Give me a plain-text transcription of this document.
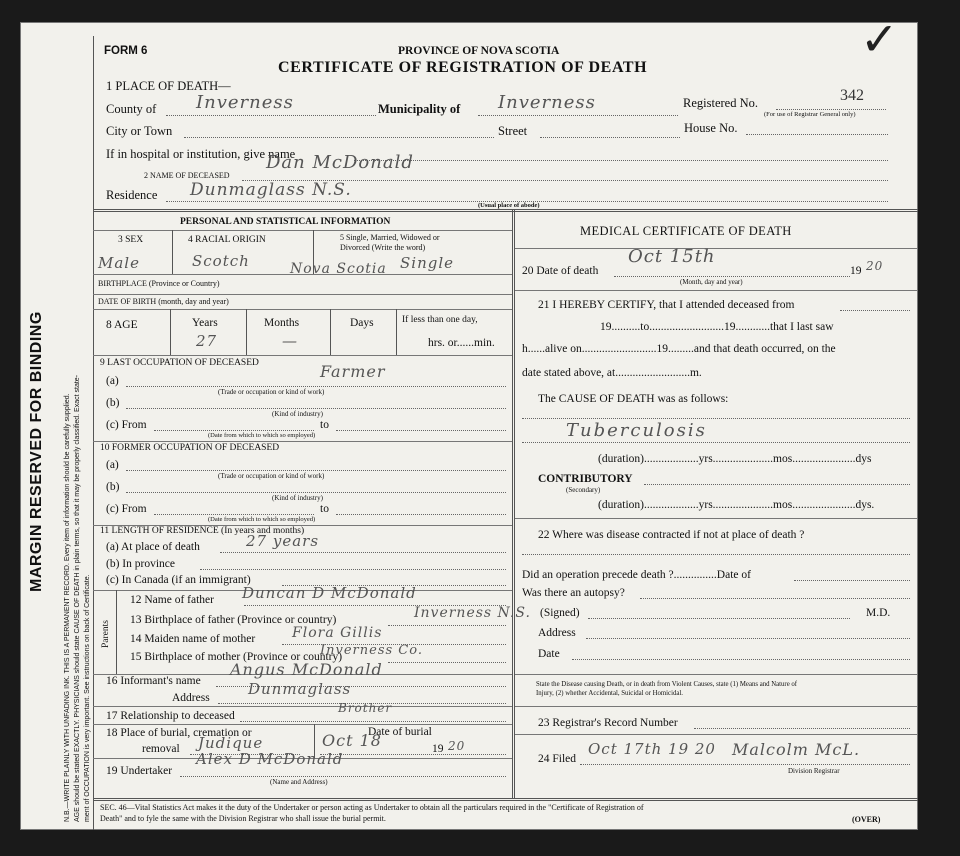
MARGIN RESERVED FOR BINDING	N.B.—WRITE PLAINLY WITH UNFADING INK. THIS IS A PERMANENT RECORD. Every item of information should be carefully supplied. AGE should be stated EXACTLY. PHYSICIANS should state CAUSE OF DEATH in plain terms, so that it may be properly classified. Exact state- ment of OCCUPATION is very important. See instructions on back of Certificate.
FORM 6	PROVINCE OF NOVA SCOTIA
CERTIFICATE OF REGISTRATION OF DEATH
✓
1 PLACE OF DEATH—
County of Inverness	Municipality of Inverness	Registered No.	342
(For use of Registrar General only)
City or Town	Street	House No.
If in hospital or institution, give name
Dan McDonald
2 NAME OF DECEASED
Residence Dunmaglass N.S.
(Usual place of abode)
PERSONAL AND STATISTICAL INFORMATION
3 SEX	4 RACIAL ORIGIN	5 Single, Married, Widowed or
Divorced (Write the word)
Male	Scotch	Single
Nova Scotia
BIRTHPLACE (Province or Country)
DATE OF BIRTH (month, day and year)
8 AGE	Years
27
Months
—
Days	If less than one day,
hrs. or......min.
9 LAST OCCUPATION OF DECEASED	Farmer
(a)
(Trade or occupation or kind of work)
(b)
(Kind of industry)
(c) From	to
(Date from which to which so employed)
10 FORMER OCCUPATION OF DECEASED
(a)
(Trade or occupation or kind of work)
(b)
(Kind of industry)
(c) From	to
(Date from which to which so employed)
11 LENGTH OF RESIDENCE (In years and months)
(a) At place of death	27 years
(b) In province
(c) In Canada (if an immigrant)
Parents
12 Name of father Duncan D McDonald
13 Birthplace of father (Province or country)	Inverness N.S.
14 Maiden name of mother	Flora Gillis
15 Birthplace of mother (Province or country)
Inverness Co.
16 Informant's name
Angus McDonald
Address	Dunmaglass
17 Relationship to deceased
Brother
18 Place of burial, cremation or
removal Judique
Date of burial
Oct 18	19 20
19 Undertaker
Alex D McDonald
(Name and Address)
MEDICAL CERTIFICATE OF DEATH
20 Date of death
Oct 15th
19 20
(Month, day and year)
21 I HEREBY CERTIFY, that I attended deceased from
19..........to..........................19............that I last saw
h......alive on..........................19.........and that death occurred, on the
date stated above, at..........................m.
The CAUSE OF DEATH was as follows:
Tuberculosis
(duration)...................yrs.....................mos......................dys
CONTRIBUTORY
(Secondary)
(duration)...................yrs.....................mos......................dys.
22 Where was disease contracted if not at place of death ?
Did an operation precede death ?...............Date of
Was there an autopsy?
(Signed)	M.D.
Address
Date
State the Disease causing Death, or in death from Violent Causes, state (1) Means and Nature of
Injury, (2) whether Accidental, Suicidal or Homicidal.
23 Registrar's Record Number
24 Filed
Oct 17th 19 20 Malcolm McL.
Division Registrar
SEC. 46—Vital Statistics Act makes it the duty of the Undertaker or person acting as Undertaker to obtain all the particulars required in the "Certificate of Registration of
Death" and to fyle the same with the Division Registrar who shall issue the burial permit.	(OVER)
